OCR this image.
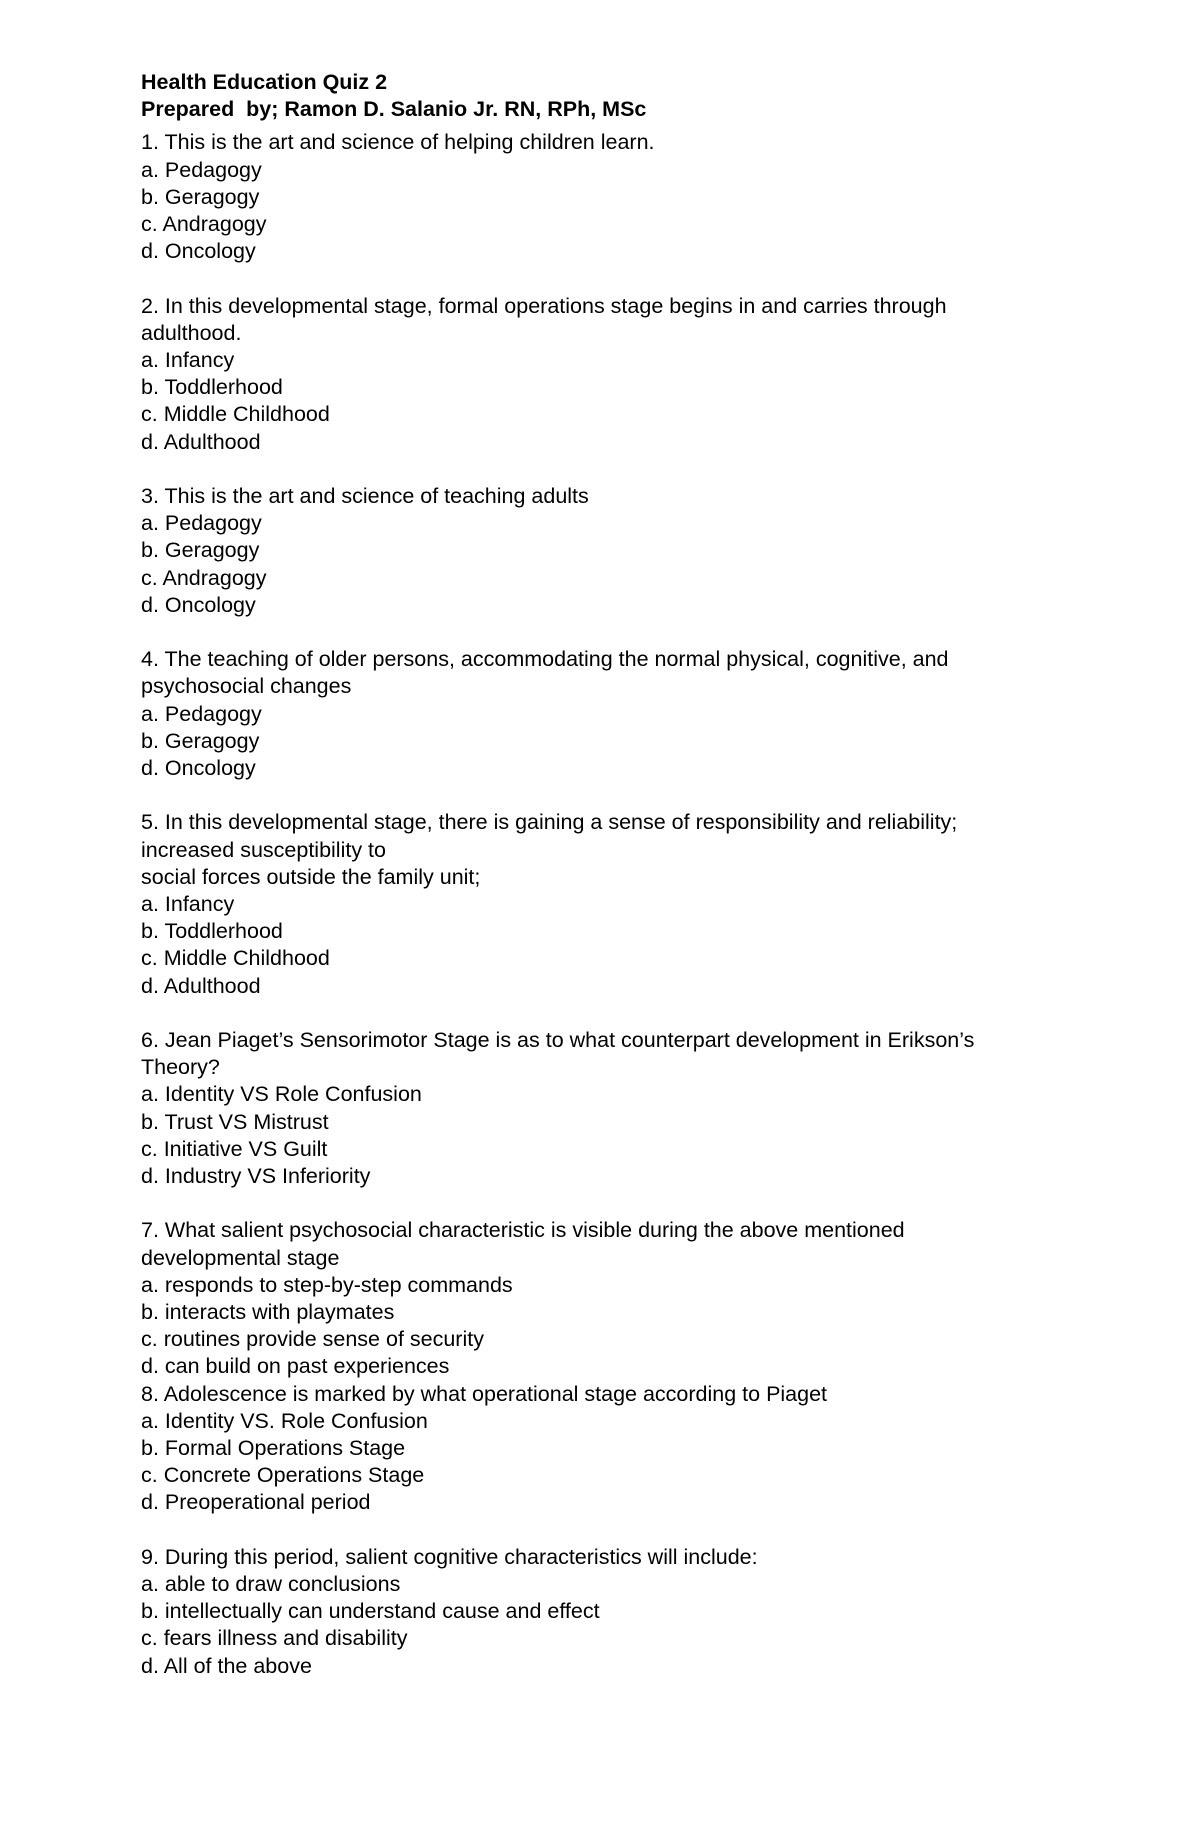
Health Education Quiz 2
Prepared  by; Ramon D. Salanio Jr. RN, RPh, MSc
1. This is the art and science of helping children learn.
a. Pedagogy
b. Geragogy
c. Andragogy
d. Oncology
2. In this developmental stage, formal operations stage begins in and carries through
adulthood.
a. Infancy
b. Toddlerhood
c. Middle Childhood
d. Adulthood
3. This is the art and science of teaching adults
a. Pedagogy
b. Geragogy
c. Andragogy
d. Oncology
4. The teaching of older persons, accommodating the normal physical, cognitive, and
psychosocial changes
a. Pedagogy
b. Geragogy
d. Oncology
5. In this developmental stage, there is gaining a sense of responsibility and reliability;
increased susceptibility to
social forces outside the family unit;
a. Infancy
b. Toddlerhood
c. Middle Childhood
d. Adulthood
6. Jean Piaget’s Sensorimotor Stage is as to what counterpart development in Erikson’s
Theory?
a. Identity VS Role Confusion
b. Trust VS Mistrust
c. Initiative VS Guilt
d. Industry VS Inferiority
7. What salient psychosocial characteristic is visible during the above mentioned
developmental stage
a. responds to step-by-step commands
b. interacts with playmates
c. routines provide sense of security
d. can build on past experiences
8. Adolescence is marked by what operational stage according to Piaget
a. Identity VS. Role Confusion
b. Formal Operations Stage
c. Concrete Operations Stage
d. Preoperational period
9. During this period, salient cognitive characteristics will include:
a. able to draw conclusions
b. intellectually can understand cause and effect
c. fears illness and disability
d. All of the above
